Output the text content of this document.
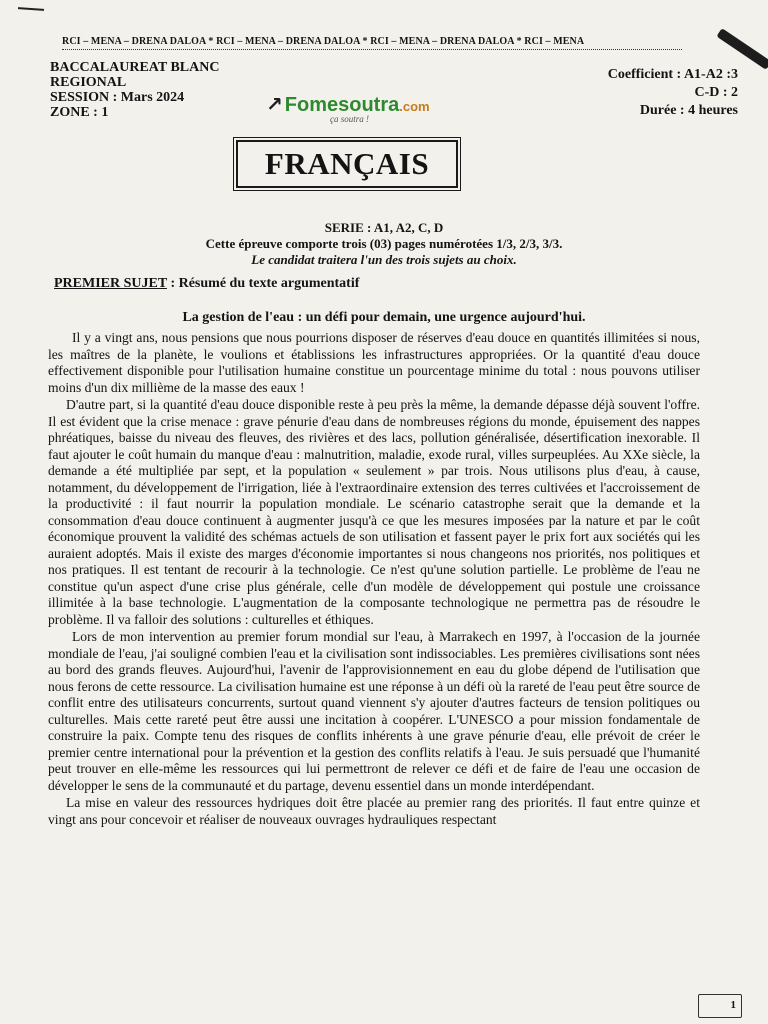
RCI – MENA – DRENA DALOA * RCI – MENA – DRENA DALOA * RCI – MENA – DRENA DALOA * RCI – MENA
BACCALAUREAT BLANC
REGIONAL
SESSION : Mars 2024
ZONE : 1
Coefficient : A1-A2 :3
C-D : 2
Durée : 4 heures
↗ Fomesoutra.com
ça soutra !
FRANÇAIS
SERIE : A1, A2, C, D
Cette épreuve comporte trois (03) pages numérotées 1/3, 2/3, 3/3.
Le candidat traitera l'un des trois sujets au choix.
PREMIER SUJET : Résumé du texte argumentatif
La gestion de l'eau : un défi pour demain, une urgence aujourd'hui.

Il y a vingt ans, nous pensions que nous pourrions disposer de réserves d'eau douce en quantités illimitées si nous, les maîtres de la planète, le voulions et établissions les infrastructures appropriées. Or la quantité d'eau douce effectivement disponible pour l'utilisation humaine constitue un pourcentage minime du total : nous pouvons utiliser moins d'un dix millième de la masse des eaux !

D'autre part, si la quantité d'eau douce disponible reste à peu près la même, la demande dépasse déjà souvent l'offre. Il est évident que la crise menace : grave pénurie d'eau dans de nombreuses régions du monde, épuisement des nappes phréatiques, baisse du niveau des fleuves, des rivières et des lacs, pollution généralisée, désertification inexorable. Il faut ajouter le coût humain du manque d'eau : malnutrition, maladie, exode rural, villes surpeuplées. Au XXe siècle, la demande a été multipliée par sept, et la population « seulement » par trois. Nous utilisons plus d'eau, à cause, notamment, du développement de l'irrigation, liée à l'extraordinaire extension des terres cultivées et l'accroissement de la productivité : il faut nourrir la population mondiale. Le scénario catastrophe serait que la demande et la consommation d'eau douce continuent à augmenter jusqu'à ce que les mesures imposées par la nature et par le coût économique prouvent la validité des schémas actuels de son utilisation et fassent payer le prix fort aux sociétés qui les auraient adoptés. Mais il existe des marges d'économie importantes si nous changeons nos priorités, nos politiques et nos pratiques. Il est tentant de recourir à la technologie. Ce n'est qu'une solution partielle. Le problème de l'eau ne constitue qu'un aspect d'une crise plus générale, celle d'un modèle de développement qui postule une croissance illimitée à la base technologie. L'augmentation de la composante technologique ne permettra pas de résoudre le problème. Il va falloir des solutions : culturelles et éthiques.

Lors de mon intervention au premier forum mondial sur l'eau, à Marrakech en 1997, à l'occasion de la journée mondiale de l'eau, j'ai souligné combien l'eau et la civilisation sont indissociables. Les premières civilisations sont nées au bord des grands fleuves. Aujourd'hui, l'avenir de l'approvisionnement en eau du globe dépend de l'utilisation que nous ferons de cette ressource. La civilisation humaine est une réponse à un défi où la rareté de l'eau peut être source de conflit entre des utilisateurs concurrents, surtout quand viennent s'y ajouter d'autres facteurs de tension politiques ou culturelles. Mais cette rareté peut être aussi une incitation à coopérer. L'UNESCO a pour mission fondamentale de construire la paix. Compte tenu des risques de conflits inhérents à une grave pénurie d'eau, elle prévoit de créer le premier centre international pour la prévention et la gestion des conflits relatifs à l'eau. Je suis persuadé que l'humanité peut trouver en elle-même les ressources qui lui permettront de relever ce défi et de faire de l'eau une occasion de développer le sens de la communauté et du partage, devenu essentiel dans un monde interdépendant.

La mise en valeur des ressources hydriques doit être placée au premier rang des priorités. Il faut entre quinze et vingt ans pour concevoir et réaliser de nouveaux ouvrages hydrauliques respectant

1
